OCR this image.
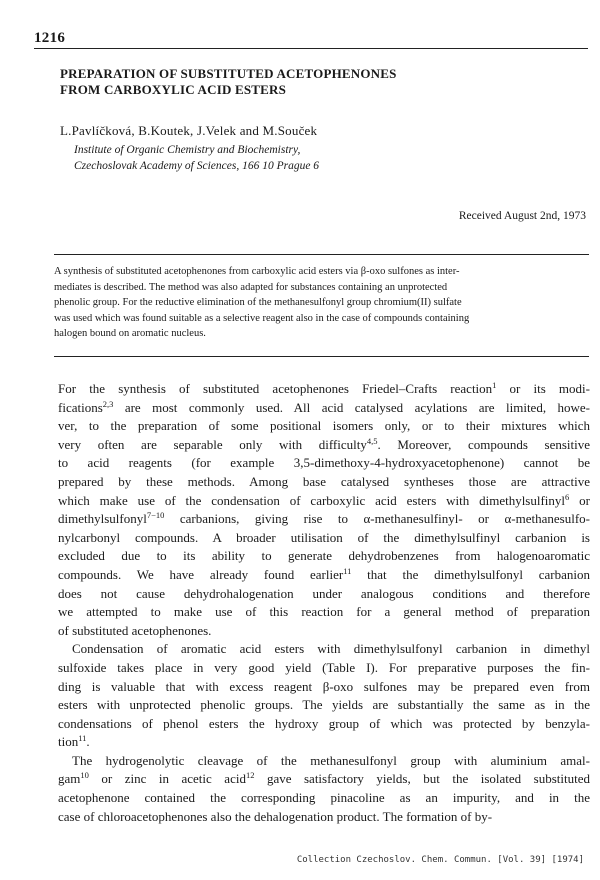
1216
PREPARATION OF SUBSTITUTED ACETOPHENONES
FROM CARBOXYLIC ACID ESTERS
L.Pavlíčková, B.Koutek, J.Velek and M.Souček
Institute of Organic Chemistry and Biochemistry,
Czechoslovak Academy of Sciences, 166 10 Prague 6
Received August 2nd, 1973
A synthesis of substituted acetophenones from carboxylic acid esters via β-oxo sulfones as inter-
mediates is described. The method was also adapted for substances containing an unprotected
phenolic group. For the reductive elimination of the methanesulfonyl group chromium(II) sulfate
was used which was found suitable as a selective reagent also in the case of compounds containing
halogen bound on aromatic nucleus.

For the synthesis of substituted acetophenones Friedel–Crafts reaction$^1$ or its modi-
fications$^{2,3}$ are most commonly used. All acid catalysed acylations are limited, howe-
ver, to the preparation of some positional isomers only, or to their mixtures which
very often are separable only with difficulty$^{4,5}$. Moreover, compounds sensitive
to acid reagents (for example 3,5-dimethoxy-4-hydroxyacetophenone) cannot be
prepared by these methods. Among base catalysed syntheses those are attractive
which make use of the condensation of carboxylic acid esters with dimethylsulfinyl$^6$ or
dimethylsulfonyl$^{7-10}$ carbanions, giving rise to α-methanesulfinyl- or α-methanesulfo-
nylcarbonyl compounds. A broader utilisation of the dimethylsulfinyl carbanion is
excluded due to its ability to generate dehydrobenzenes from halogenoaromatic
compounds. We have already found earlier$^{11}$ that the dimethylsulfonyl carbanion
does not cause dehydrohalogenation under analogous conditions and therefore
we attempted to make use of this reaction for a general method of preparation
of substituted acetophenones.

Condensation of aromatic acid esters with dimethylsulfonyl carbanion in dimethyl
sulfoxide takes place in very good yield (Table I). For preparative purposes the fin-
ding is valuable that with excess reagent β-oxo sulfones may be prepared even from
esters with unprotected phenolic groups. The yields are substantially the same as in the
condensations of phenol esters the hydroxy group of which was protected by benzyla-
tion$^{11}$.

The hydrogenolytic cleavage of the methanesulfonyl group with aluminium amal-
gam$^{10}$ or zinc in acetic acid$^{12}$ gave satisfactory yields, but the isolated substituted
acetophenone contained the corresponding pinacoline as an impurity, and in the
case of chloroacetophenones also the dehalogenation product. The formation of by-

Collection Czechoslov. Chem. Commun. [Vol. 39] [1974]
